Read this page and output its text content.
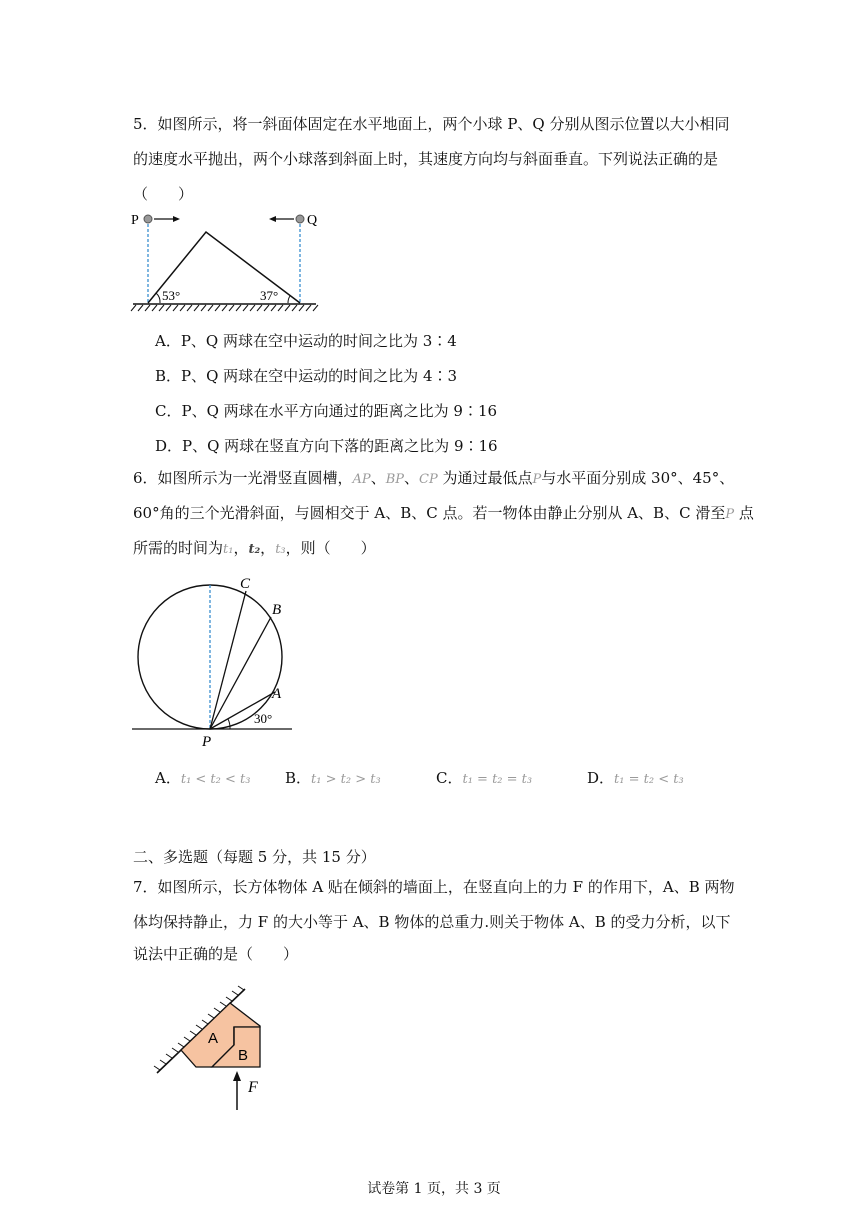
5．如图所示，将一斜面体固定在水平地面上，两个小球 P、Q 分别从图示位置以大小相同
的速度水平抛出，两个小球落到斜面上时，其速度方向均与斜面垂直。下列说法正确的是
（　　）
P	Q
53°	37°
A．P、Q 两球在空中运动的时间之比为 3∶4
B．P、Q 两球在空中运动的时间之比为 4∶3
C．P、Q 两球在水平方向通过的距离之比为 9∶16
D．P、Q 两球在竖直方向下落的距离之比为 9∶16
6．如图所示为一光滑竖直圆槽，AP、BP、CP 为通过最低点P与水平面分别成 30°、45°、
60°角的三个光滑斜面，与圆相交于 A、B、C 点。若一物体由静止分别从 A、B、C 滑至P 点
所需的时间为t₁，t₂，t₃，则（　　）
C
B
A
P
30°
A．t₁ < t₂ < t₃ B．t₁ > t₂ > t₃	C．t₁ = t₂ = t₃	D．t₁ = t₂ < t₃
二、多选题（每题 5 分，共 15 分）
7．如图所示，长方体物体 A 贴在倾斜的墙面上，在竖直向上的力 F 的作用下，A、B 两物
体均保持静止，力 F 的大小等于 A、B 物体的总重力.则关于物体 A、B 的受力分析，以下
说法中正确的是（　　）
A
B
F
试卷第 1 页，共 3 页
